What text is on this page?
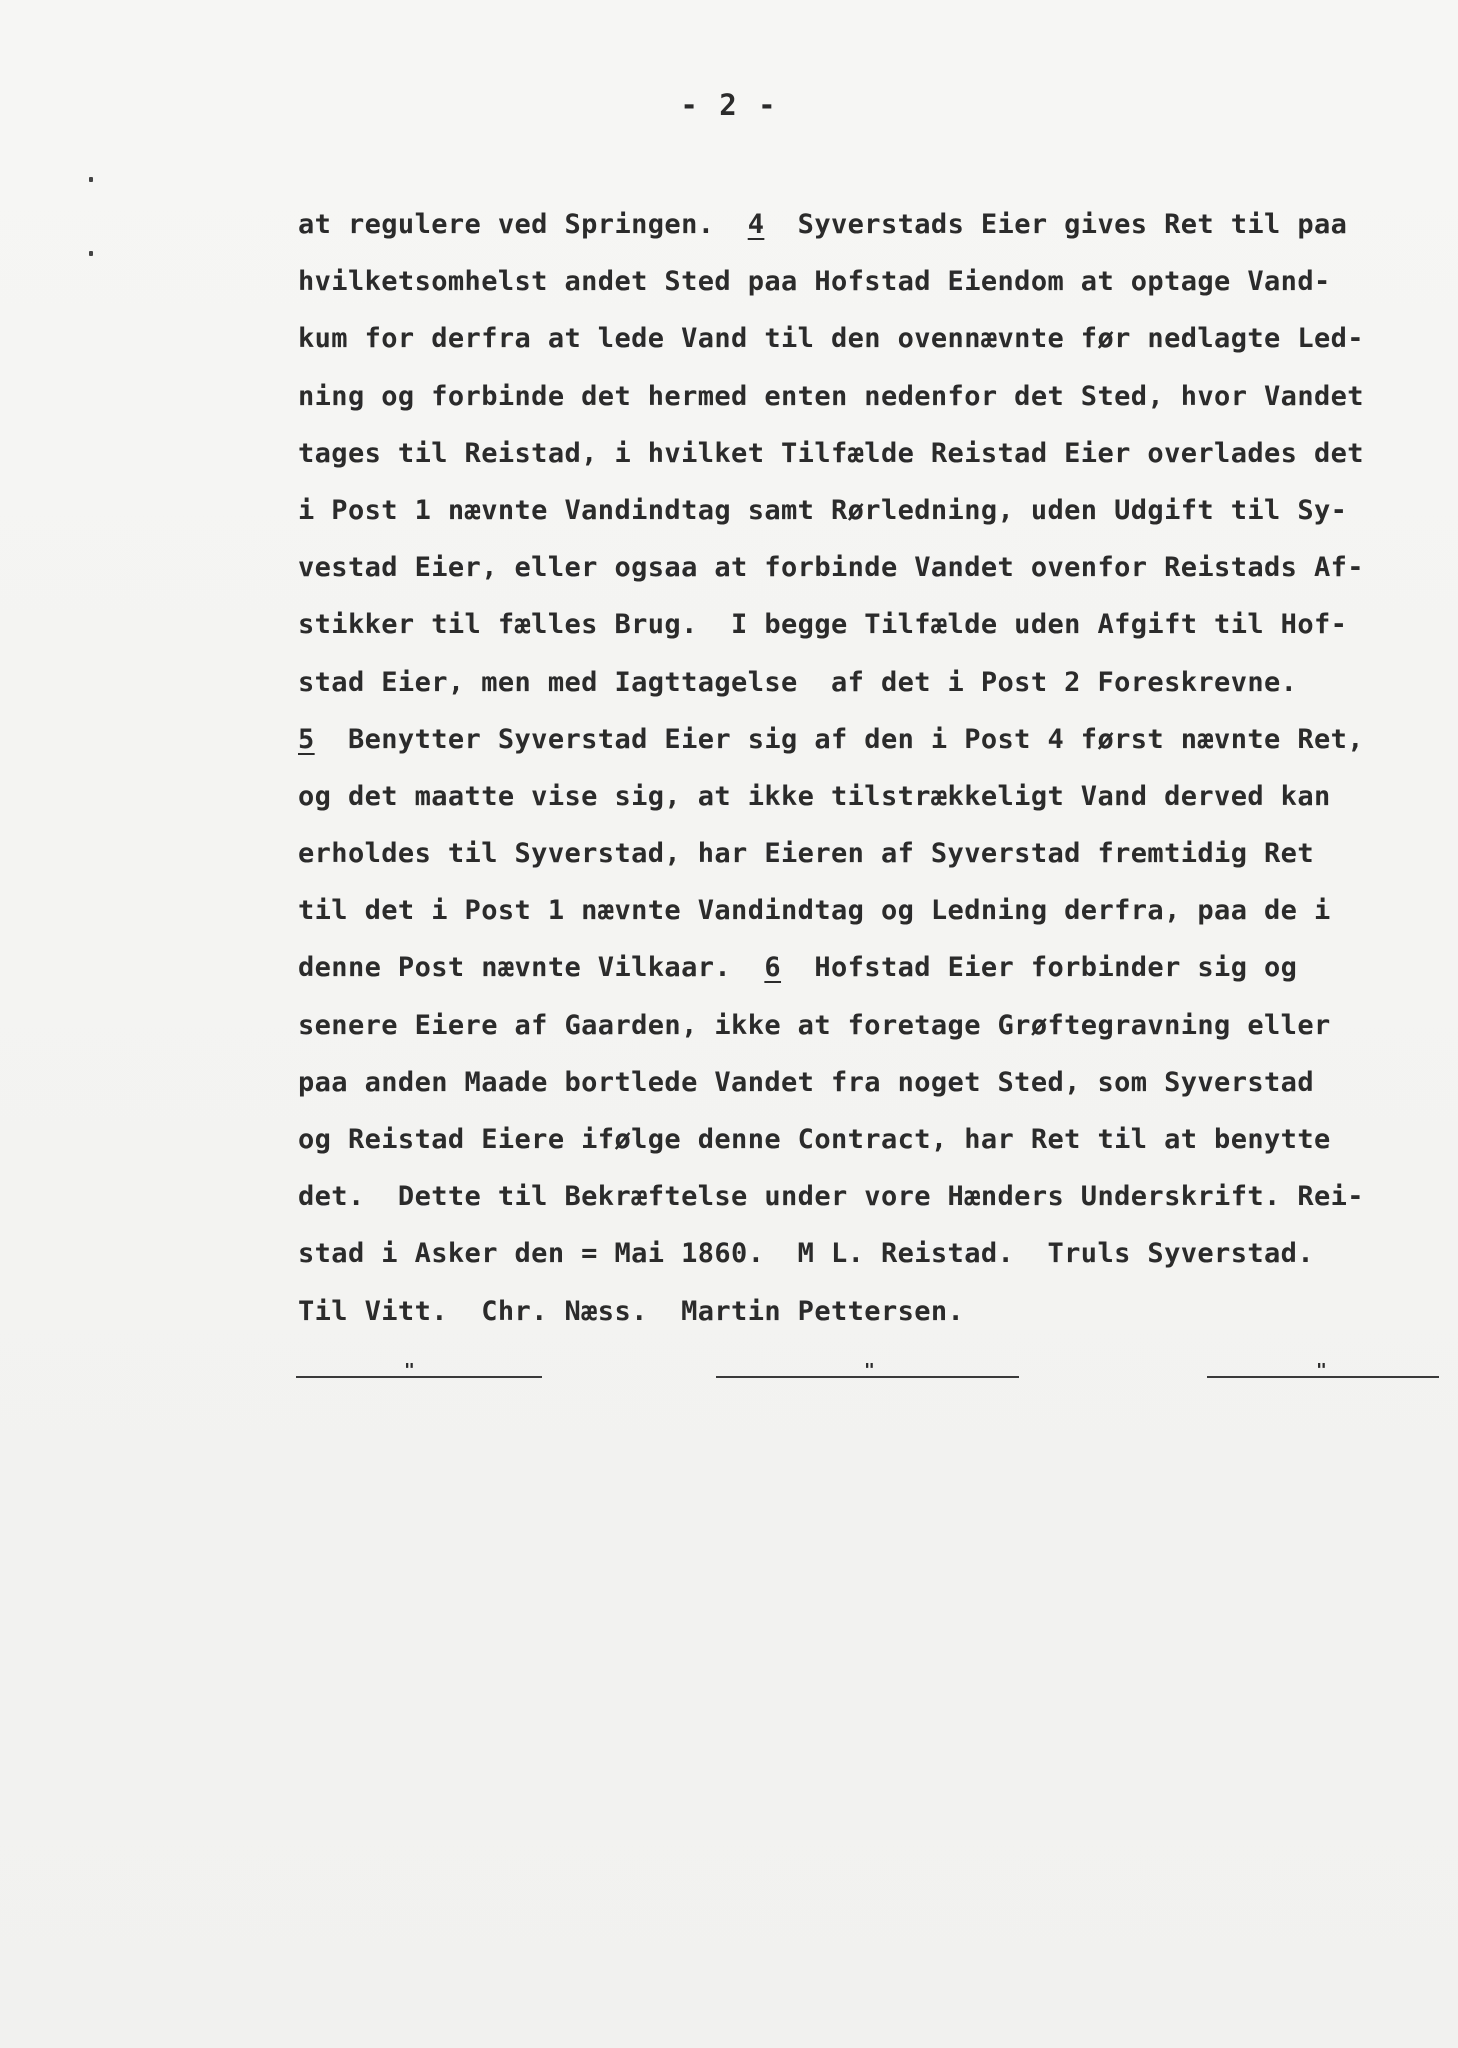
- 2 -
at regulere ved Springen.  4  Syverstads Eier gives Ret til paa
hvilketsomhelst andet Sted paa Hofstad Eiendom at optage Vand-
kum for derfra at lede Vand til den ovennævnte før nedlagte Led-
ning og forbinde det hermed enten nedenfor det Sted, hvor Vandet
tages til Reistad, i hvilket Tilfælde Reistad Eier overlades det
i Post 1 nævnte Vandindtag samt Rørledning, uden Udgift til Sy-
vestad Eier, eller ogsaa at forbinde Vandet ovenfor Reistads Af-
stikker til fælles Brug.  I begge Tilfælde uden Afgift til Hof-
stad Eier, men med Iagttagelse  af det i Post 2 Foreskrevne.
5  Benytter Syverstad Eier sig af den i Post 4 først nævnte Ret,
og det maatte vise sig, at ikke tilstrækkeligt Vand derved kan
erholdes til Syverstad, har Eieren af Syverstad fremtidig Ret
til det i Post 1 nævnte Vandindtag og Ledning derfra, paa de i
denne Post nævnte Vilkaar.  6  Hofstad Eier forbinder sig og
senere Eiere af Gaarden, ikke at foretage Grøftegravning eller
paa anden Maade bortlede Vandet fra noget Sted, som Syverstad
og Reistad Eiere ifølge denne Contract, har Ret til at benytte
det.  Dette til Bekræftelse under vore Hænders Underskrift. Rei-
stad i Asker den = Mai 1860.  M L. Reistad.  Truls Syverstad.
Til Vitt.  Chr. Næss.  Martin Pettersen.
"	"	"
